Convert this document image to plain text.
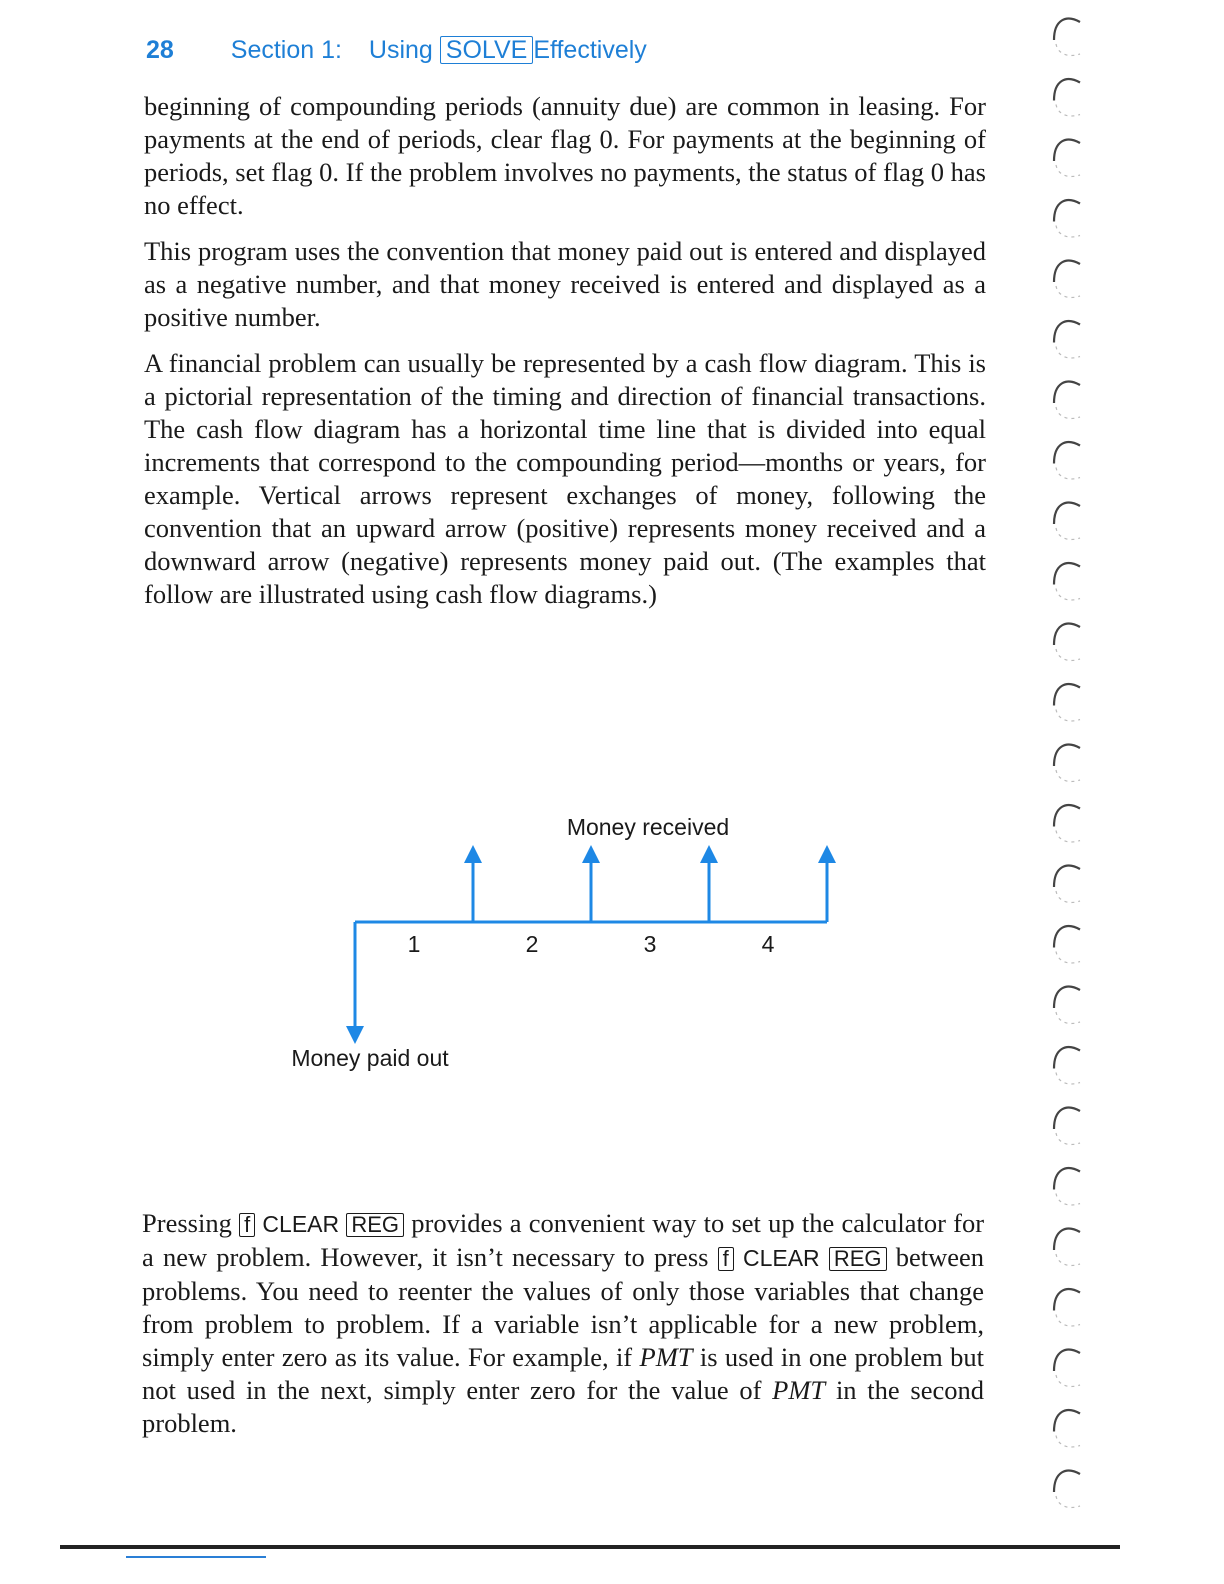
28 Section 1: Using SOLVE Effectively

beginning of compounding periods (annuity due) are common in leasing. For payments at the end of periods, clear flag 0. For payments at the beginning of periods, set flag 0. If the problem involves no payments, the status of flag 0 has no effect.

This program uses the convention that money paid out is entered and displayed as a negative number, and that money received is entered and displayed as a positive number.

A financial problem can usually be represented by a cash flow diagram. This is a pictorial representation of the timing and direction of financial transactions. The cash flow diagram has a horizontal time line that is divided into equal increments that correspond to the compounding period—months or years, for example. Vertical arrows represent exchanges of money, following the convention that an upward arrow (positive) represents money received and a downward arrow (negative) represents money paid out. (The examples that follow are illustrated using cash flow diagrams.)

Money received
1	2	3	4
Money paid out

Pressing f CLEAR REG provides a convenient way to set up the calculator for a new problem. However, it isn’t necessary to press f CLEAR REG between problems. You need to reenter the values of only those variables that change from problem to problem. If a variable isn’t applicable for a new problem, simply enter zero as its value. For example, if PMT is used in one problem but not used in the next, simply enter zero for the value of PMT in the second problem.
